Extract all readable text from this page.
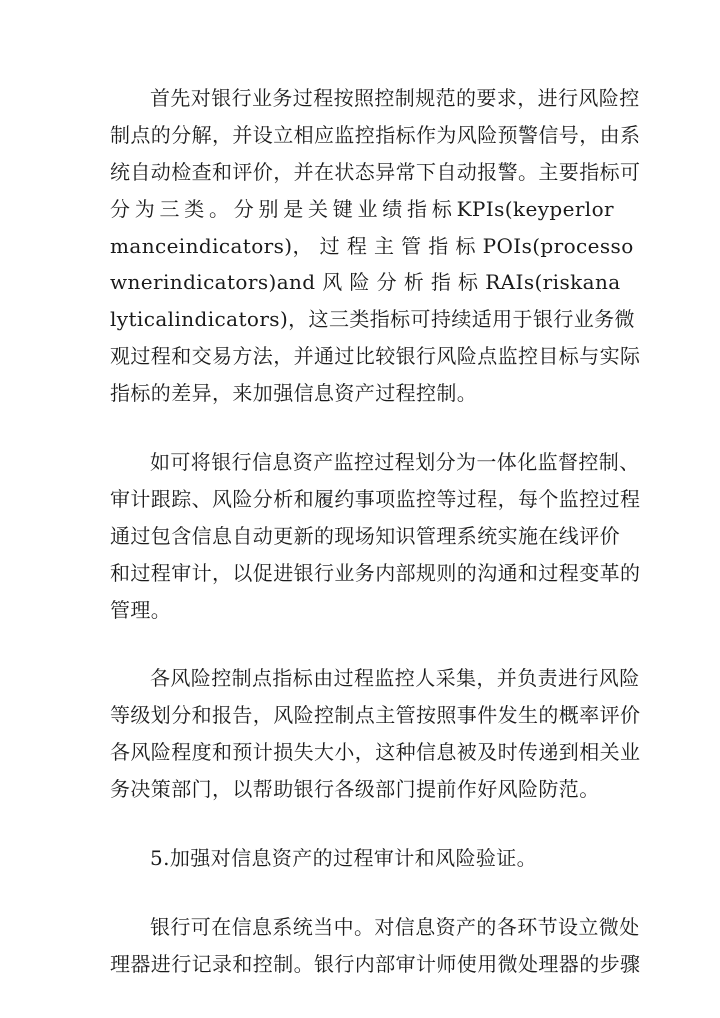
首先对银行业务过程按照控制规范的要求，进行风险控
制点的分解，并设立相应监控指标作为风险预警信号，由系
统自动检查和评价，并在状态异常下自动报警。主要指标可
分为三类。分别是关键业绩指标KPIs(keyperlor
manceindicators)， 过 程 主 管 指 标 POIs(processo
wnerindicators)and 风 险 分 析 指 标 RAIs(riskana
lyticalindicators)，这三类指标可持续适用于银行业务微
观过程和交易方法，并通过比较银行风险点监控目标与实际
指标的差异，来加强信息资产过程控制。
如可将银行信息资产监控过程划分为一体化监督控制、
审计跟踪、风险分析和履约事项监控等过程，每个监控过程
通过包含信息自动更新的现场知识管理系统实施在线评价
和过程审计，以促进银行业务内部规则的沟通和过程变革的
管理。
各风险控制点指标由过程监控人采集，并负责进行风险
等级划分和报告，风险控制点主管按照事件发生的概率评价
各风险程度和预计损失大小，这种信息被及时传递到相关业
务决策部门，以帮助银行各级部门提前作好风险防范。
5.加强对信息资产的过程审计和风险验证。
银行可在信息系统当中。对信息资产的各环节设立微处
理器进行记录和控制。银行内部审计师使用微处理器的步骤
